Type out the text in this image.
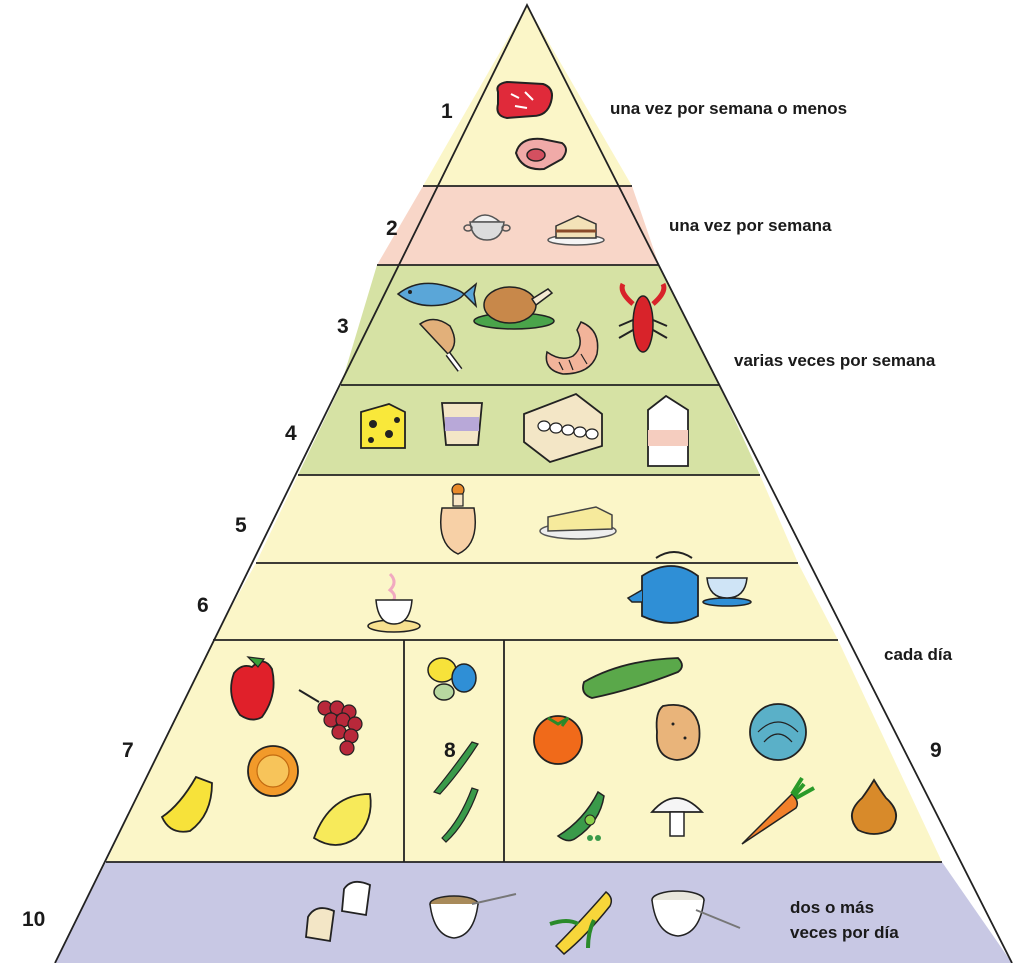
1
2
3
4
5
6
7	8	9
10
una vez por semana o menos
una vez por semana
varias veces por semana
cada día
dos o más
veces por día
